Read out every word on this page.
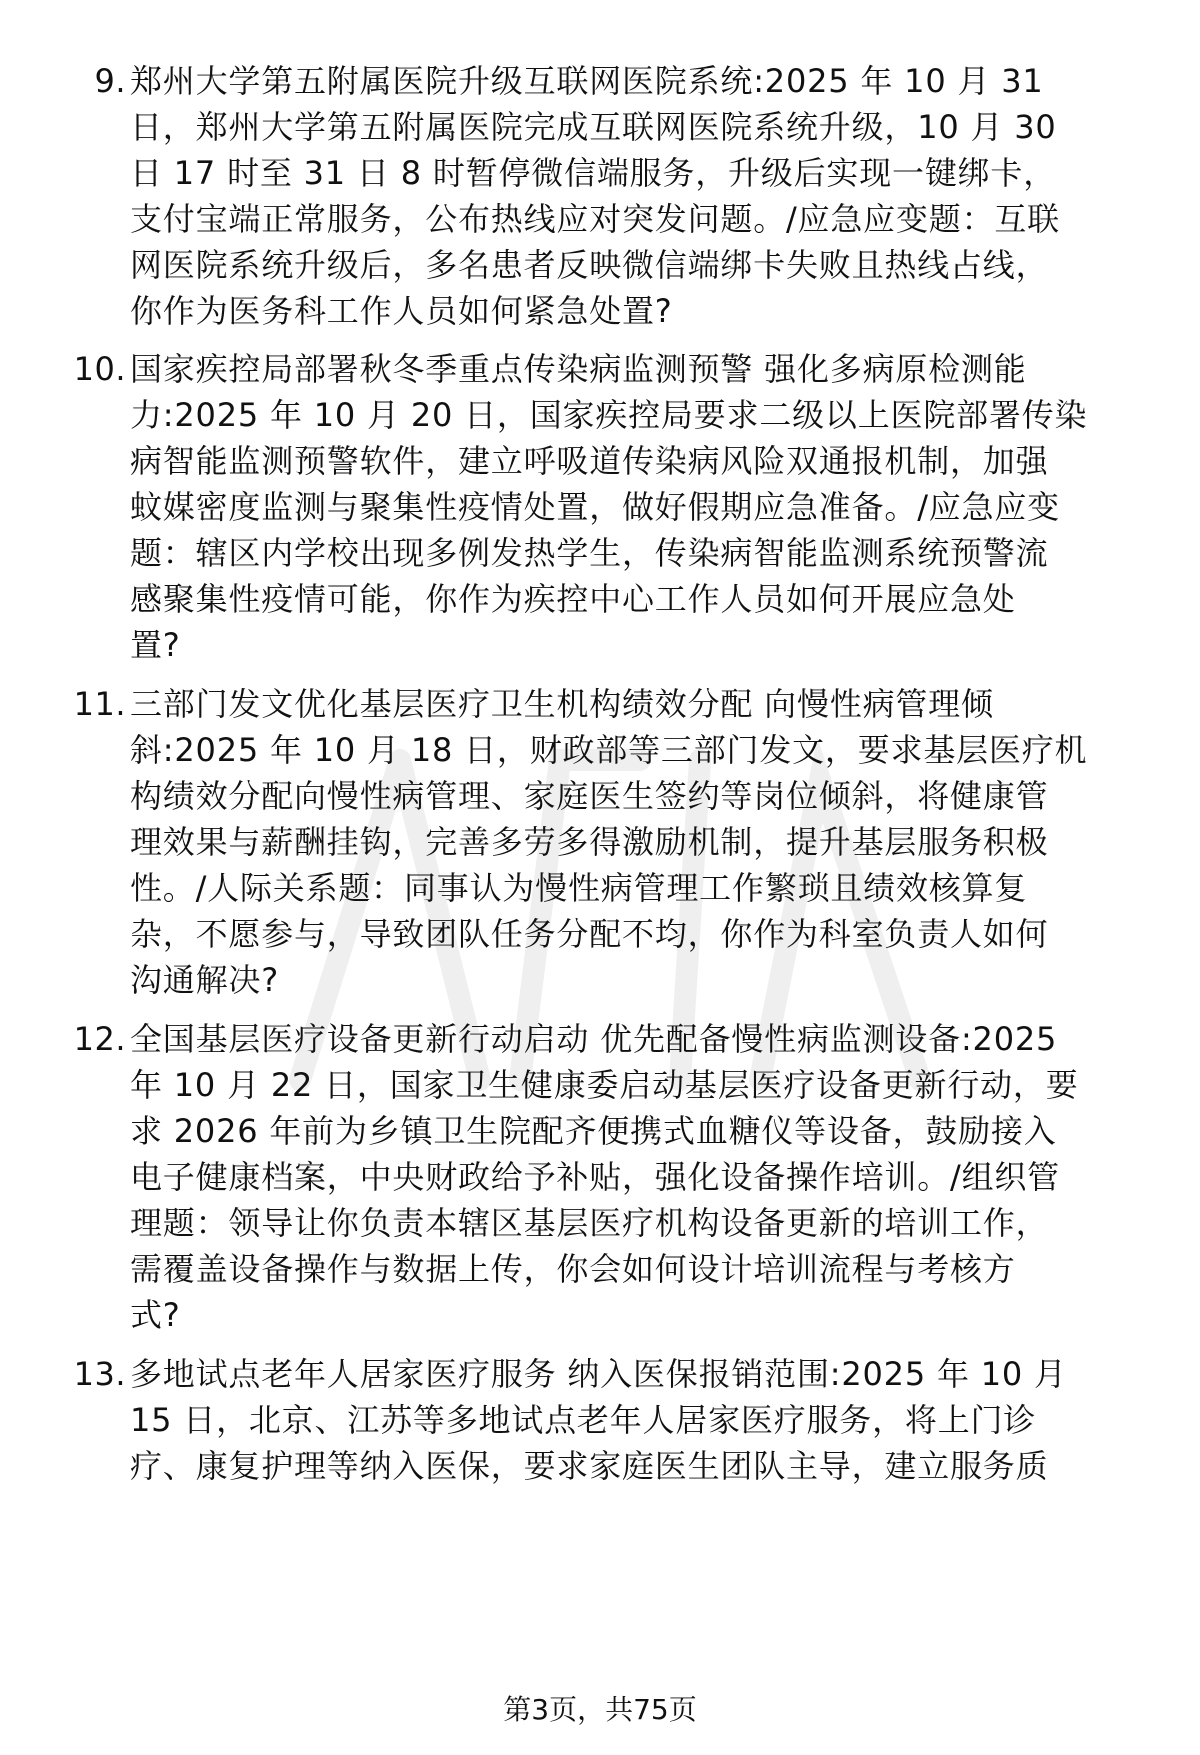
9. 郑州大学第五附属医院升级互联网医院系统:2025 年 10 月 31
日，郑州大学第五附属医院完成互联网医院系统升级，10 月 30
日 17 时至 31 日 8 时暂停微信端服务，升级后实现一键绑卡，
支付宝端正常服务，公布热线应对突发问题。/应急应变题：互联
网医院系统升级后，多名患者反映微信端绑卡失败且热线占线，
你作为医务科工作人员如何紧急处置?
10. 国家疾控局部署秋冬季重点传染病监测预警 强化多病原检测能
力:2025 年 10 月 20 日，国家疾控局要求二级以上医院部署传染
病智能监测预警软件，建立呼吸道传染病风险双通报机制，加强
蚊媒密度监测与聚集性疫情处置，做好假期应急准备。/应急应变
题：辖区内学校出现多例发热学生，传染病智能监测系统预警流
感聚集性疫情可能，你作为疾控中心工作人员如何开展应急处
置?
11. 三部门发文优化基层医疗卫生机构绩效分配 向慢性病管理倾
斜:2025 年 10 月 18 日，财政部等三部门发文，要求基层医疗机
构绩效分配向慢性病管理、家庭医生签约等岗位倾斜，将健康管
理效果与薪酬挂钩，完善多劳多得激励机制，提升基层服务积极
性。/人际关系题：同事认为慢性病管理工作繁琐且绩效核算复
杂，不愿参与，导致团队任务分配不均，你作为科室负责人如何
沟通解决?
12. 全国基层医疗设备更新行动启动 优先配备慢性病监测设备:2025
年 10 月 22 日，国家卫生健康委启动基层医疗设备更新行动，要
求 2026 年前为乡镇卫生院配齐便携式血糖仪等设备，鼓励接入
电子健康档案，中央财政给予补贴，强化设备操作培训。/组织管
理题：领导让你负责本辖区基层医疗机构设备更新的培训工作，
需覆盖设备操作与数据上传，你会如何设计培训流程与考核方
式?
13. 多地试点老年人居家医疗服务 纳入医保报销范围:2025 年 10 月
15 日，北京、江苏等多地试点老年人居家医疗服务，将上门诊
疗、康复护理等纳入医保，要求家庭医生团队主导，建立服务质
第3页，共75页
